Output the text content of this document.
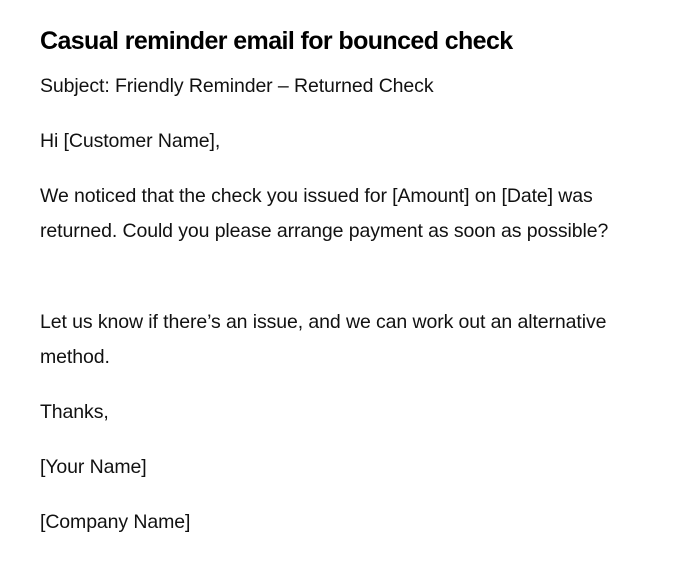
Casual reminder email for bounced check

Subject: Friendly Reminder – Returned Check

Hi [Customer Name],

We noticed that the check you issued for [Amount] on [Date] was returned. Could you please arrange payment as soon as possible?

Let us know if there’s an issue, and we can work out an alternative method.

Thanks,

[Your Name]

[Company Name]
